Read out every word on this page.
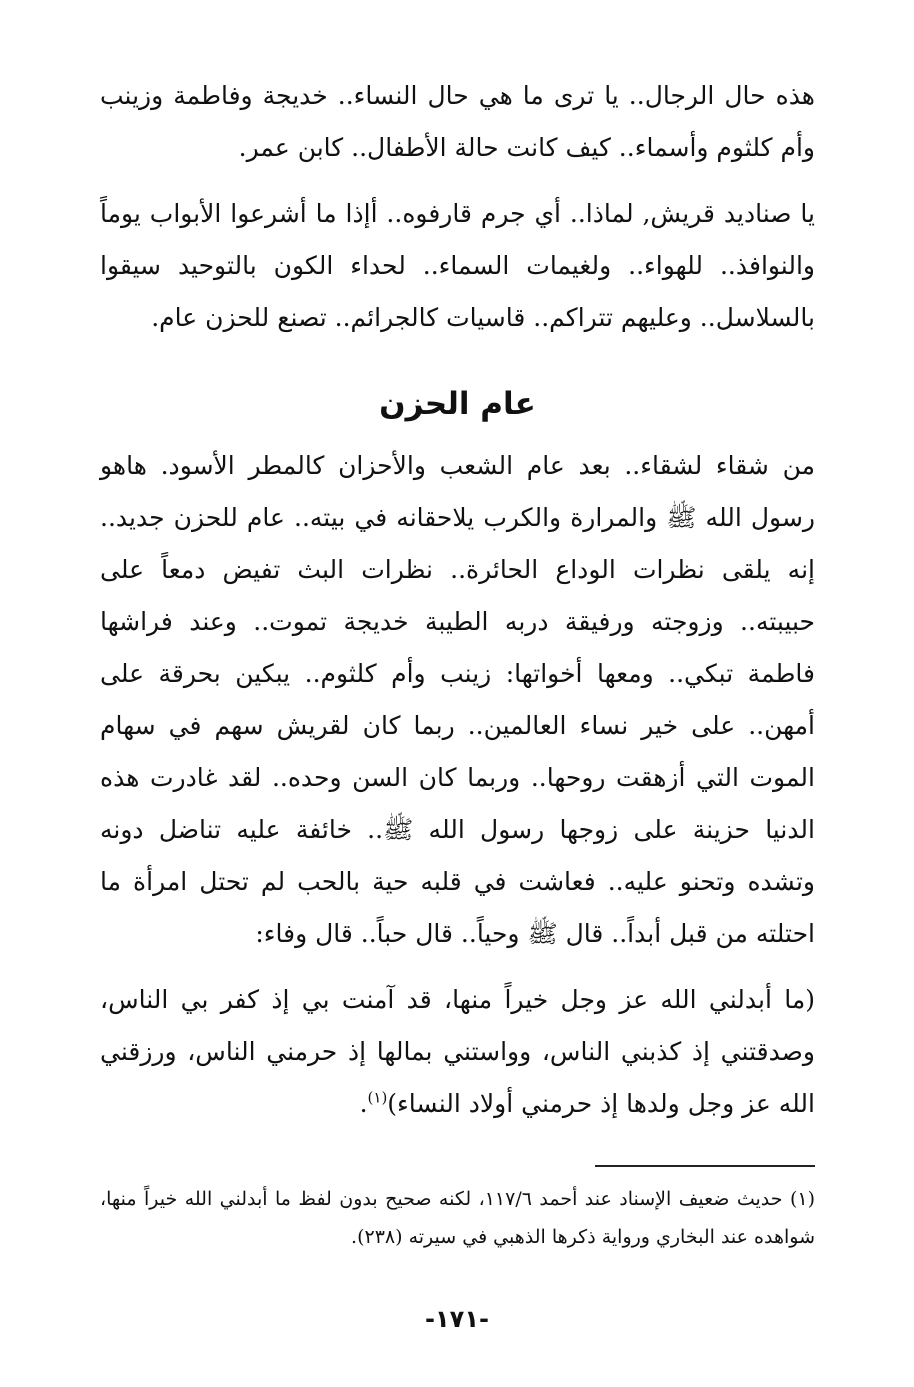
هذه حال الرجال.. يا ترى ما هي حال النساء.. خديجة وفاطمة وزينب وأم كلثوم وأسماء.. كيف كانت حالة الأطفال.. كابن عمر.

يا صناديد قريش, لماذا.. أي جرم قارفوه.. أإذا ما أشرعوا الأبواب يوماً والنوافذ.. للهواء.. ولغيمات السماء.. لحداء الكون بالتوحيد سيقوا بالسلاسل.. وعليهم تتراكم.. قاسيات كالجرائم.. تصنع للحزن عام.

عام الحزن

من شقاء لشقاء.. بعد عام الشعب والأحزان كالمطر الأسود. هاهو رسول الله ﷺ والمرارة والكرب يلاحقانه في بيته.. عام للحزن جديد.. إنه يلقى نظرات الوداع الحائرة.. نظرات البث تفيض دمعاً على حبيبته.. وزوجته ورفيقة دربه الطيبة خديجة تموت.. وعند فراشها فاطمة تبكي.. ومعها أخواتها: زينب وأم كلثوم.. يبكين بحرقة على أمهن.. على خير نساء العالمين.. ربما كان لقريش سهم في سهام الموت التي أزهقت روحها.. وربما كان السن وحده.. لقد غادرت هذه الدنيا حزينة على زوجها رسول الله ﷺ.. خائفة عليه تناضل دونه وتشده وتحنو عليه.. فعاشت في قلبه حية بالحب لم تحتل امرأة ما احتلته من قبل أبداً.. قال ﷺ وحياً.. قال حباً.. قال وفاء:

(ما أبدلني الله عز وجل خيراً منها، قد آمنت بي إذ كفر بي الناس، وصدقتني إذ كذبني الناس، وواستني بمالها إذ حرمني الناس، ورزقني الله عز وجل ولدها إذ حرمني أولاد النساء)$^{(١)}$.

(١) حديث ضعيف الإسناد عند أحمد ١١٧/٦، لكنه صحيح بدون لفظ ما أبدلني الله خيراً منها، شواهده عند البخاري ورواية ذكرها الذهبي في سيرته (٢٣٨).

-١٧١-
